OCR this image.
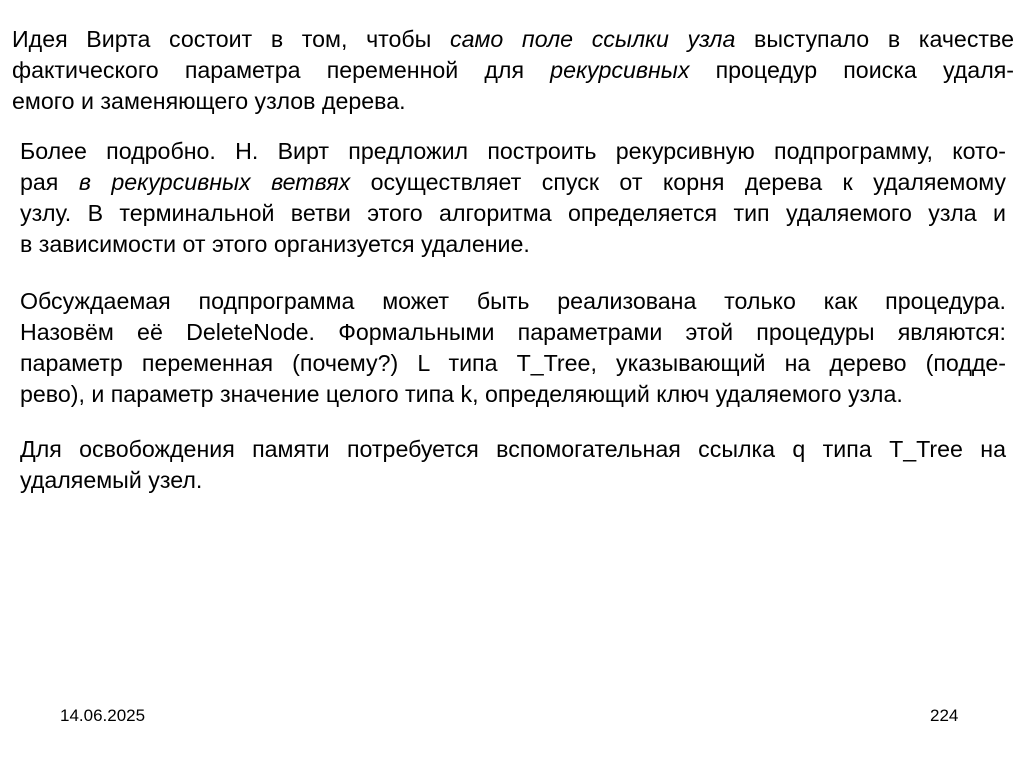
Идея Вирта состоит в том, чтобы само поле ссылки узла выступало в качестве
фактического параметра переменной для рекурсивных процедур поиска удаля-
емого и заменяющего узлов дерева.
Более подробно. Н. Вирт предложил построить рекурсивную подпрограмму, кото-
рая в рекурсивных ветвях осуществляет спуск от корня дерева к удаляемому
узлу. В терминальной ветви этого алгоритма определяется тип удаляемого узла и
в зависимости от этого организуется удаление.
Обсуждаемая подпрограмма может быть реализована только как процедура.
Назовём её DeleteNode. Формальными параметрами этой процедуры являются:
параметр переменная (почему?) L типа T_Tree, указывающий на дерево (подде-
рево), и параметр значение целого типа k, определяющий ключ удаляемого узла.
Для освобождения памяти потребуется вспомогательная ссылка q типа T_Tree на
удаляемый узел.
14.06.2025	224
